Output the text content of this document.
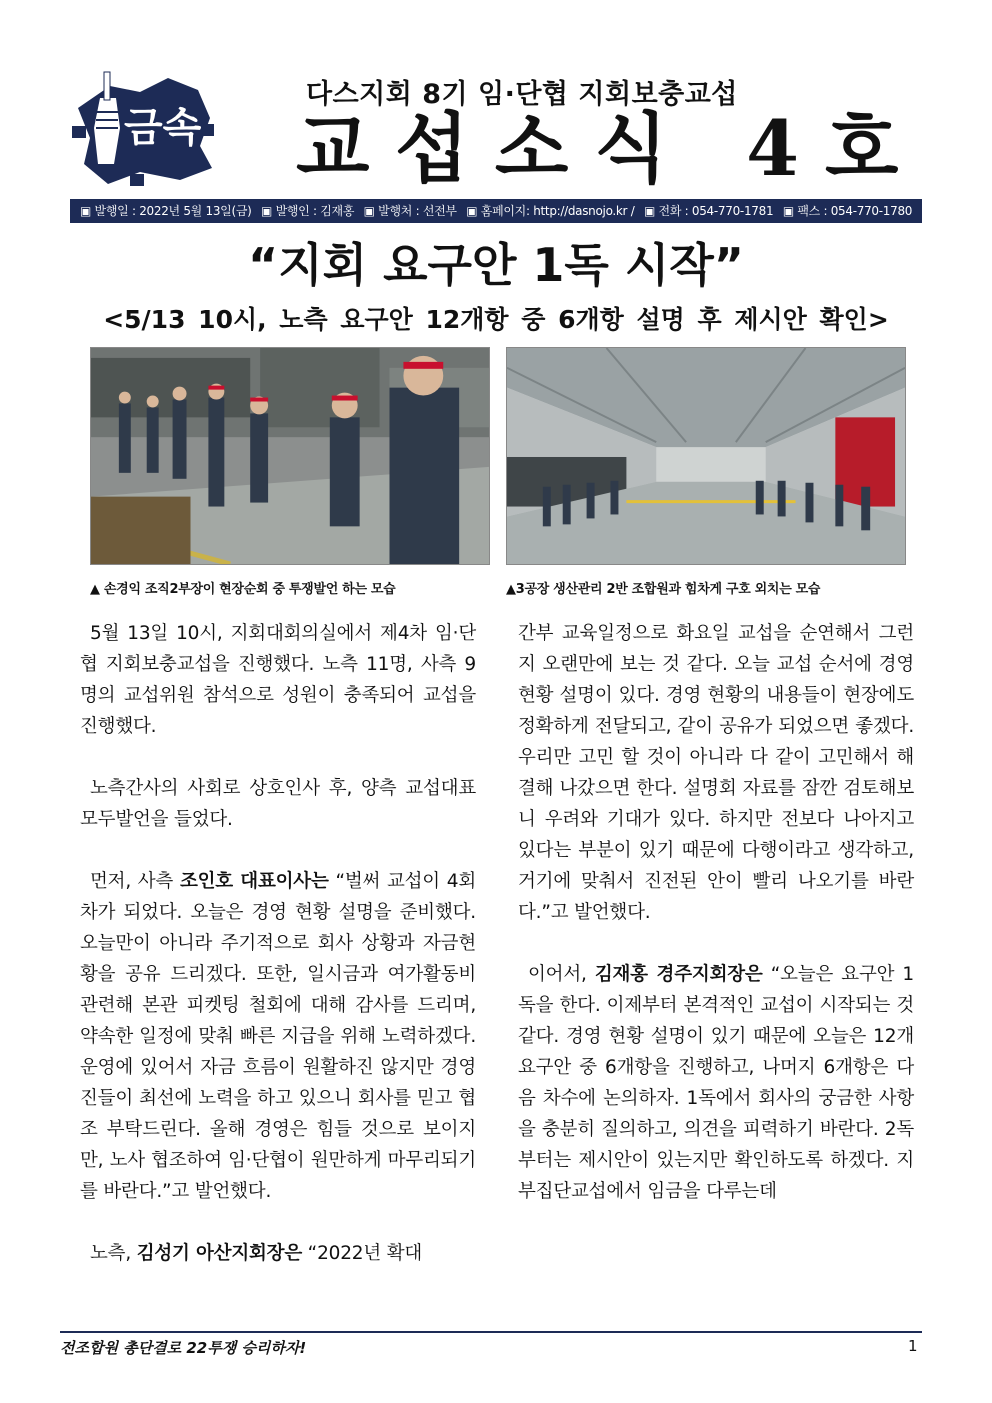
금속
다스지회 8기 임·단협 지회보충교섭
교섭소식 4호
▣ 발행일 : 2022년 5월 13일(금) ▣ 발행인 : 김재홍 ▣ 발행처 : 선전부 ▣ 홈페이지: http://dasnojo.kr / ▣ 전화 : 054-770-1781 ▣ 팩스 : 054-770-1780
“지회 요구안 1독 시작”
<5/13 10시, 노측 요구안 12개항 중 6개항 설명 후 제시안 확인>
▲ 손경익 조직2부장이 현장순회 중 투쟁발언 하는 모습	▲3공장 생산관리 2반 조합원과 힘차게 구호 외치는 모습

5월 13일 10시, 지회대회의실에서 제4차 임·단협 지회보충교섭을 진행했다. 노측 11명, 사측 9명의 교섭위원 참석으로 성원이 충족되어 교섭을 진행했다.

노측간사의 사회로 상호인사 후, 양측 교섭대표 모두발언을 들었다.

먼저, 사측 조인호 대표이사는 “벌써 교섭이 4회차가 되었다. 오늘은 경영 현황 설명을 준비했다. 오늘만이 아니라 주기적으로 회사 상황과 자금현황을 공유 드리겠다. 또한, 일시금과 여가활동비 관련해 본관 피켓팅 철회에 대해 감사를 드리며, 약속한 일정에 맞춰 빠른 지급을 위해 노력하겠다. 운영에 있어서 자금 흐름이 원활하진 않지만 경영진들이 최선에 노력을 하고 있으니 회사를 믿고 협조 부탁드린다. 올해 경영은 힘들 것으로 보이지만, 노사 협조하여 임·단협이 원만하게 마무리되기를 바란다.”고 발언했다.

노측, 김성기 아산지회장은 “2022년 확대

간부 교육일정으로 화요일 교섭을 순연해서 그런지 오랜만에 보는 것 같다. 오늘 교섭 순서에 경영 현황 설명이 있다. 경영 현황의 내용들이 현장에도 정확하게 전달되고, 같이 공유가 되었으면 좋겠다. 우리만 고민 할 것이 아니라 다 같이 고민해서 해결해 나갔으면 한다. 설명회 자료를 잠깐 검토해보니 우려와 기대가 있다. 하지만 전보다 나아지고 있다는 부분이 있기 때문에 다행이라고 생각하고, 거기에 맞춰서 진전된 안이 빨리 나오기를 바란다.”고 발언했다.

이어서, 김재홍 경주지회장은 “오늘은 요구안 1독을 한다. 이제부터 본격적인 교섭이 시작되는 것 같다. 경영 현황 설명이 있기 때문에 오늘은 12개 요구안 중 6개항을 진행하고, 나머지 6개항은 다음 차수에 논의하자. 1독에서 회사의 궁금한 사항을 충분히 질의하고, 의견을 피력하기 바란다. 2독부터는 제시안이 있는지만 확인하도록 하겠다. 지부집단교섭에서 임금을 다루는데

전조합원 총단결로 22투쟁 승리하자!	1
